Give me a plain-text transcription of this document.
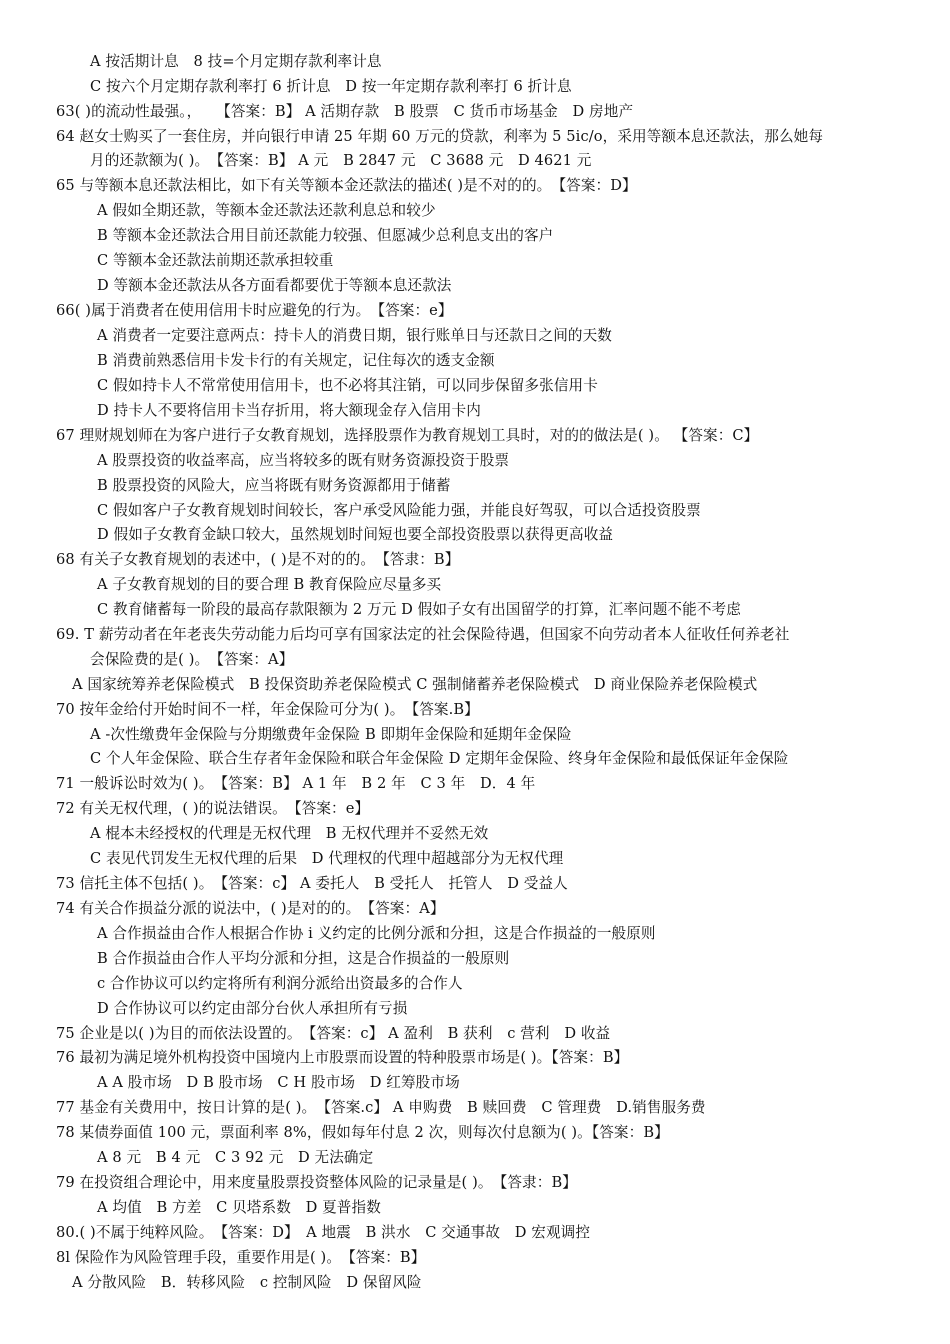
A 按活期计息　8 技=个月定期存款利率计息
C 按六个月定期存款利率打 6 折计息　D 按一年定期存款利率打 6 折计息
63( )的流动性最强。，　　【答案：B】 A 活期存款　B 股票　C 货币市场基金　D 房地产
64 赵女士购买了一套住房，并向银行申请 25 年期 60 万元的贷款，利率为 5 5ic/o，采用等额本息还款法，那么她每
月的还款额为( )。　【答案：B】 A 元　B 2847 元　C 3688 元　D 4621 元
65 与等额本息还款法相比，如下有关等额本金还款法的描述( )是不对的的。　【答案：D】
A 假如全期还款，等额本金还款法还款利息总和较少
B 等额本金还款法合用目前还款能力较强、但愿减少总利息支出的客户
C 等额本金还款法前期还款承担较重
D 等额本金还款法从各方面看都要优于等额本息还款法
66( )属于消费者在使用信用卡时应避免的行为。　【答案：e】
A 消费者一定要注意两点：持卡人的消费日期，银行账单日与还款日之间的天数
B 消费前熟悉信用卡发卡行的有关规定，记住每次的透支金额
C 假如持卡人不常常使用信用卡，也不必将其注销，可以同步保留多张信用卡
D 持卡人不要将信用卡当存折用，将大额现金存入信用卡内
67 理财规划师在为客户进行子女教育规划，选择股票作为教育规划工具时，对的的做法是( )。 【答案：C】
A 股票投资的收益率高，应当将较多的既有财务资源投资于股票
B 股票投资的风险大，应当将既有财务资源都用于储蓄
C 假如客户子女教育规划时间较长，客户承受风险能力强，并能良好驾驭，可以合适投资股票
D 假如子女教育金缺口较大，虽然规划时间短也要全部投资股票以获得更高收益
68 有关子女教育规划的表述中，( )是不对的的。　【答隶：B】
A 子女教育规划的目的要合理 B 教育保险应尽量多买
C 教育储蓄每一阶段的最高存款限额为 2 万元 D 假如子女有出国留学的打算，汇率问题不能不考虑
69. T 薪劳动者在年老丧失劳动能力后均可享有国家法定的社会保险待遇，但国家不向劳动者本人征收任何养老社
会保险费的是( )。　【答案：A】
A 国家统筹养老保险模式　B 投保资助养老保险模式 C 强制储蓄养老保险模式　D 商业保险养老保险模式
70 按年金给付开始时间不一样，年金保险可分为( )。　【答案.B】
A -次性缴费年金保险与分期缴费年金保险 B 即期年金保险和延期年金保险
C 个人年金保险、联合生存者年金保险和联合年金保险 D 定期年金保险、终身年金保险和最低保证年金保险
71 一般诉讼时效为( )。　【答案：B】 A 1 年　B 2 年　C 3 年　D．4 年
72 有关无权代理，( )的说法错误。　【答案：e】
A 棍本未经授权的代理是无权代理　B 无权代理并不妥然无效
C 表见代罚发生无权代理的后果　D 代理权的代理中超越部分为无权代理
73 信托主体不包括( )。　【答案：c】 A 委托人　B 受托人　托管人　D 受益人
74 有关合作损益分派的说法中，( )是对的的。　【答案：A】
A 合作损益由合作人根据合作协 i 义约定的比例分派和分担，这是合作损益的一般原则
B 合作损益由合作人平均分派和分担，这是合作损益的一般原则
c 合作协议可以约定将所有利润分派给出资最多的合作人
D 合作协议可以约定由部分台伙人承担所有亏损
75 企业是以( )为目的而依法设置的。　【答案：c】 A 盈利　B 获利　c 营利　D 收益
76 最初为满足境外机构投资中国境内上市股票而设置的特种股票市场是( )。【答案：B】
A A 股市场　D B 股市场　C H 股市场　D 红筹股市场
77 基金有关费用中，按日计算的是( )。　【答案.c】 A 申购费　B 赎回费　C 管理费　D.销售服务费
78 某债券面值 100 元，票面利率 8%，假如每年付息 2 次，则每次付息额为( )。【答案：B】
A 8 元　B 4 元　C 3 92 元　D 无法确定
79 在投资组合理论中，用来度量股票投资整体风险的记录量是( )。　【答隶：B】
A 均值　B 方差　C 贝塔系数　D 夏普指数
80.( )不属于纯粹风险。　【答案：D】　A 地震　B 洪水　C 交通事故　D 宏观调控
8l 保险作为风险管理手段，重要作用是( )。　【答案：B】
A 分散风险　B．转移风险　c 控制风险　D 保留风险
